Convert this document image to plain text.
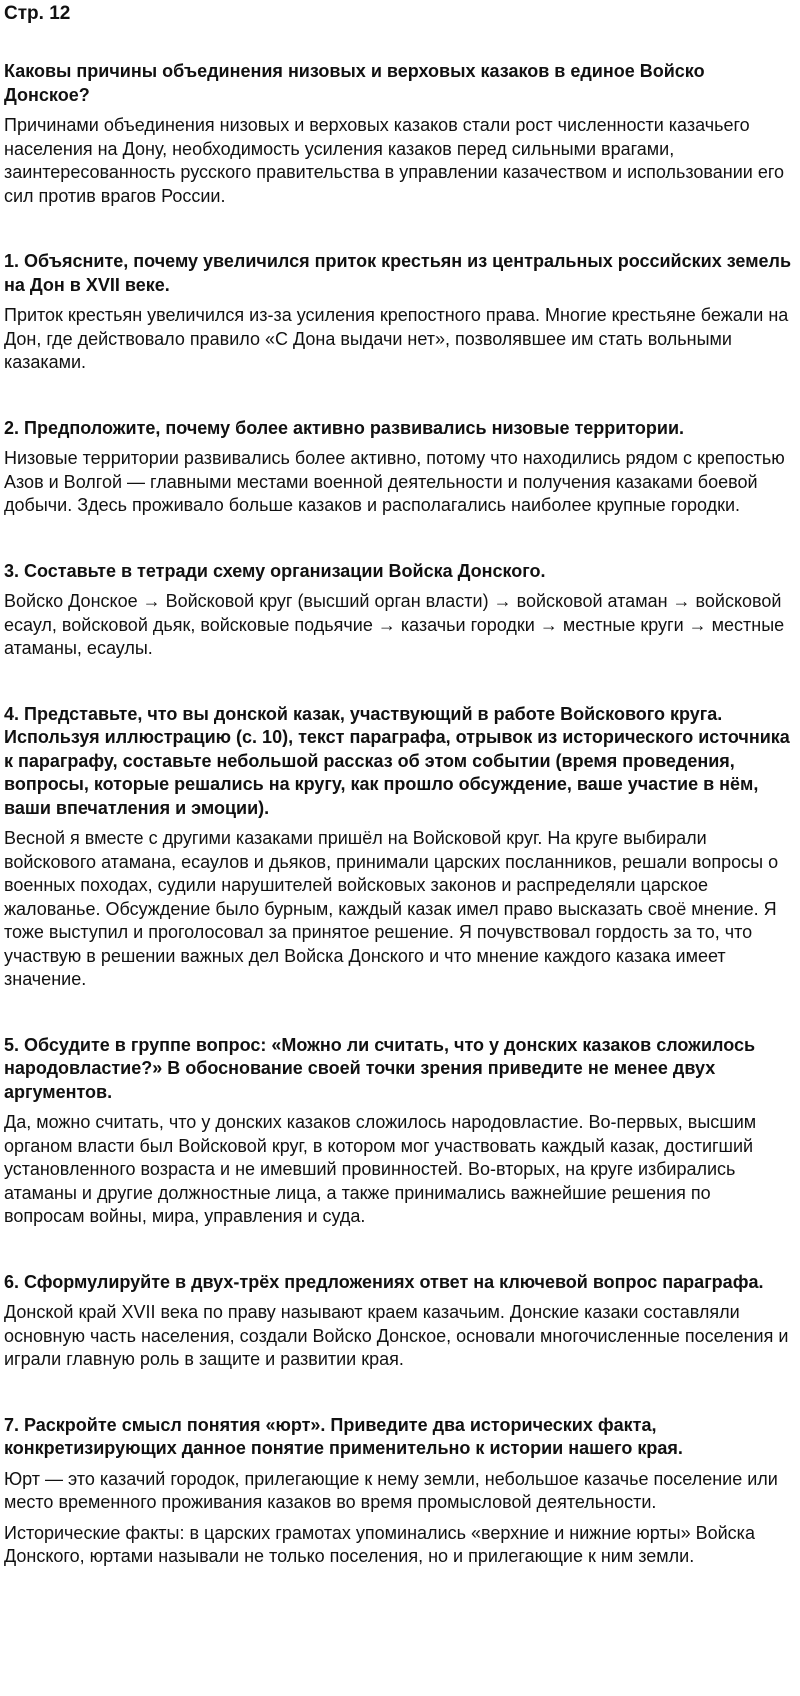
Стр. 12
Каковы причины объединения низовых и верховых казаков в единое Войско Донское?
Причинами объединения низовых и верховых казаков стали рост численности казачьего населения на Дону, необходимость усиления казаков перед сильными врагами, заинтересованность русского правительства в управлении казачеством и использовании его сил против врагов России.
1. Объясните, почему увеличился приток крестьян из центральных российских земель на Дон в XVII веке.
Приток крестьян увеличился из-за усиления крепостного права. Многие крестьяне бежали на Дон, где действовало правило «С Дона выдачи нет», позволявшее им стать вольными казаками.
2. Предположите, почему более активно развивались низовые территории.
Низовые территории развивались более активно, потому что находились рядом с крепостью Азов и Волгой — главными местами военной деятельности и получения казаками боевой добычи. Здесь проживало больше казаков и располагались наиболее крупные городки.
3. Составьте в тетради схему организации Войска Донского.
Войско Донское → Войсковой круг (высший орган власти) → войсковой атаман → войсковой есаул, войсковой дьяк, войсковые подьячие → казачьи городки → местные круги → местные атаманы, есаулы.
4. Представьте, что вы донской казак, участвующий в работе Войскового круга. Используя иллюстрацию (с. 10), текст параграфа, отрывок из исторического источника к параграфу, составьте небольшой рассказ об этом событии (время проведения, вопросы, которые решались на кругу, как прошло обсуждение, ваше участие в нём, ваши впечатления и эмоции).
Весной я вместе с другими казаками пришёл на Войсковой круг. На круге выбирали войскового атамана, есаулов и дьяков, принимали царских посланников, решали вопросы о военных походах, судили нарушителей войсковых законов и распределяли царское жалованье. Обсуждение было бурным, каждый казак имел право высказать своё мнение. Я тоже выступил и проголосовал за принятое решение. Я почувствовал гордость за то, что участвую в решении важных дел Войска Донского и что мнение каждого казака имеет значение.
5. Обсудите в группе вопрос: «Можно ли считать, что у донских казаков сложилось народовластие?» В обоснование своей точки зрения приведите не менее двух аргументов.
Да, можно считать, что у донских казаков сложилось народовластие. Во-первых, высшим органом власти был Войсковой круг, в котором мог участвовать каждый казак, достигший установленного возраста и не имевший провинностей. Во-вторых, на круге избирались атаманы и другие должностные лица, а также принимались важнейшие решения по вопросам войны, мира, управления и суда.
6. Сформулируйте в двух-трёх предложениях ответ на ключевой вопрос параграфа.
Донской край XVII века по праву называют краем казачьим. Донские казаки составляли основную часть населения, создали Войско Донское, основали многочисленные поселения и играли главную роль в защите и развитии края.
7. Раскройте смысл понятия «юрт». Приведите два исторических факта, конкретизирующих данное понятие применительно к истории нашего края.
Юрт — это казачий городок, прилегающие к нему земли, небольшое казачье поселение или место временного проживания казаков во время промысловой деятельности.
Исторические факты: в царских грамотах упоминались «верхние и нижние юрты» Войска Донского, юртами называли не только поселения, но и прилегающие к ним земли.
